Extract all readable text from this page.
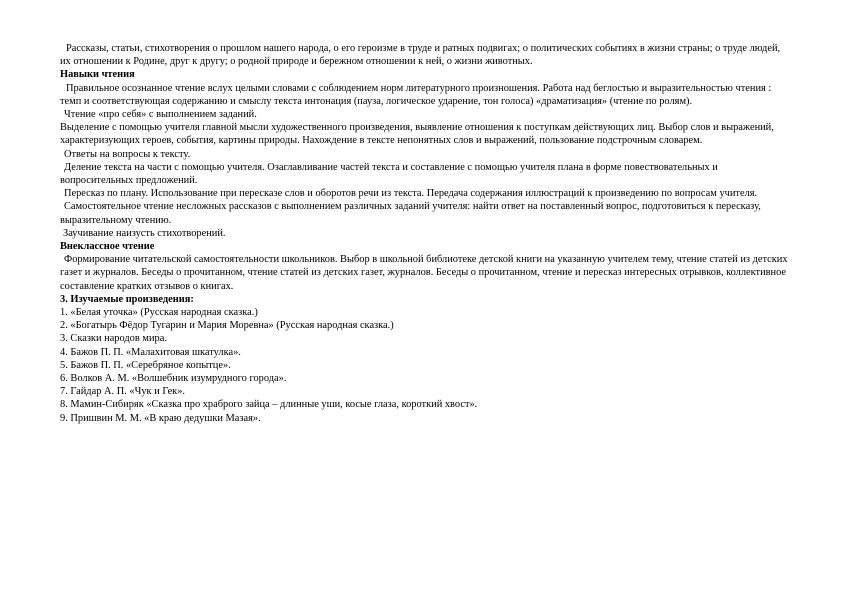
Рассказы, статьи, стихотворения о прошлом нашего народа, о его героизме в труде и ратных подвигах; о политических событиях в жизни страны; о труде людей, их отношении к Родине, друг к другу; о родной природе и бережном отношении к ней, о жизни животных.

Навыки чтения

Правильное осознанное чтение вслух целыми словами с соблюдением норм литературного произношения. Работа над беглостью и выразительностью чтения : темп и соответствующая содержанию и смыслу текста интонация (пауза, логическое ударение, тон голоса) «драматизация» (чтение по ролям).

Чтение «про себя» с выполнением заданий.

Выделение с помощью учителя главной мысли художественного произведения, выявление отношения к поступкам действующих лиц. Выбор слов и выражений, характеризующих героев, события, картины природы. Нахождение в тексте непонятных слов и выражений, пользование подстрочным словарем.

Ответы на вопросы к тексту.

Деление текста на части с помощью учителя. Озаглавливание частей текста и составление с помощью учителя плана в форме повествовательных и вопросительных предложений.

Пересказ по плану. Использование при пересказе слов и оборотов речи из текста. Передача содержания иллюстраций к произведению по вопросам учителя.

Самостоятельное чтение несложных рассказов с выполнением различных заданий учителя: найти ответ на поставленный вопрос, подготовиться к пересказу, выразительному чтению.

Заучивание наизусть стихотворений.

Внеклассное чтение

Формирование читательской самостоятельности школьников. Выбор в школьной библиотеке детской книги на указанную учителем тему, чтение статей из детских газет и журналов. Беседы о прочитанном, чтение статей из детских газет, журналов. Беседы о прочитанном, чтение и пересказ интересных отрывков, коллективное составление кратких отзывов о книгах.

3. Изучаемые произведения:

1. «Белая уточка» (Русская народная сказка.)
2. «Богатырь Фёдор Тугарин и Мария Моревна» (Русская народная сказка.)
3. Сказки народов мира.
4. Бажов П. П. «Малахитовая шкатулка».
5. Бажов П. П. «Серебряное копытце».
6. Волков А. М. «Волшебник изумрудного города».
7. Гайдар А. П. «Чук и Гек».
8. Мамин-Сибиряк «Сказка про храброго зайца – длинные уши, косые глаза, короткий хвост».
9. Пришвин М. М. «В краю дедушки Мазая».
